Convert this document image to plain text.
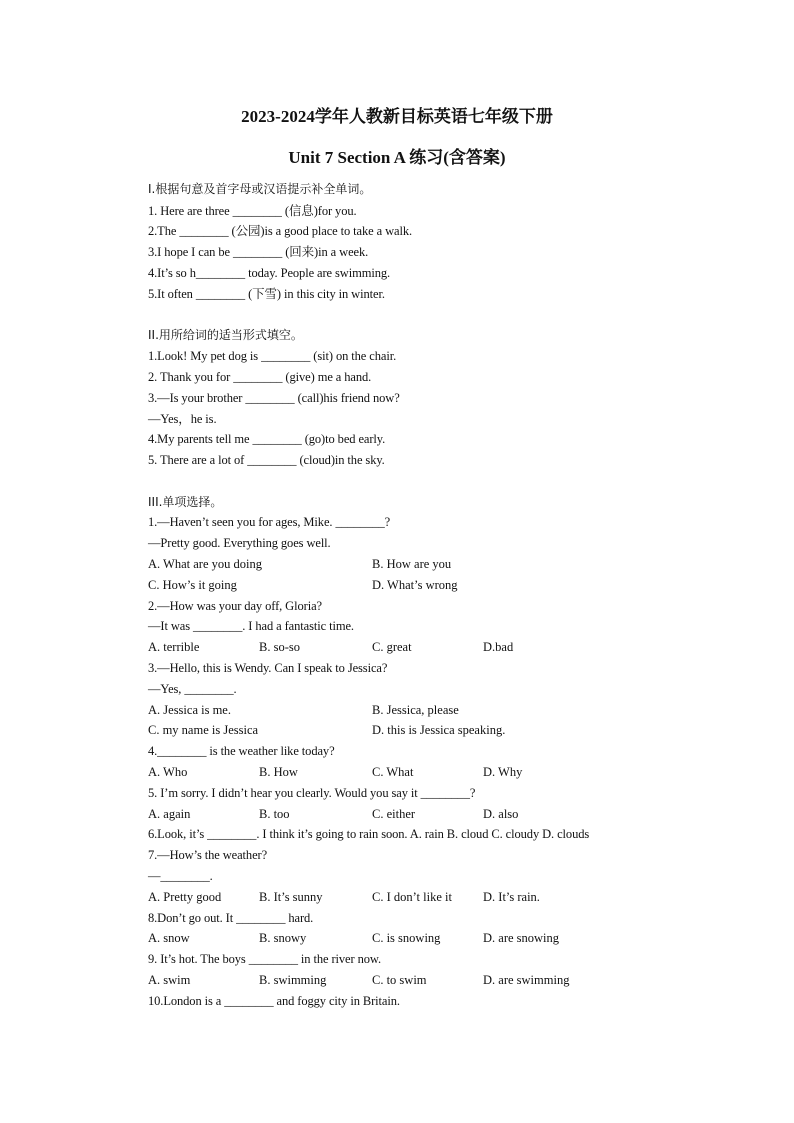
2023-2024学年人教新目标英语七年级下册
Unit 7 Section A 练习(含答案)
I.根据句意及首字母或汉语提示补全单词。
1. Here are three ________ (信息)for you.
2.The ________ (公园)is a good place to take a walk.
3.I hope I can be ________ (回来)in a week.
4.It’s so h________ today. People are swimming.
5.It often ________ (下雪) in this city in winter.
II.用所给词的适当形式填空。
1.Look! My pet dog is ________ (sit) on the chair.
2. Thank you for ________ (give) me a hand.
3.—Is your brother ________ (call)his friend now?
—Yes，he is.
4.My parents tell me ________ (go)to bed early.
5. There are a lot of ________ (cloud)in the sky.
III.单项选择。
1.—Haven’t seen you for ages, Mike. ________?
—Pretty good. Everything goes well.
A. What are you doing	B. How are you
C. How’s it going	D. What’s wrong
2.—How was your day off, Gloria?
—It was ________. I had a fantastic time.
A. terrible	B. so-so	C. great	D.bad
3.—Hello, this is Wendy. Can I speak to Jessica?
—Yes, ________.
A. Jessica is me.	B. Jessica, please
C. my name is Jessica	D. this is Jessica speaking.
4.________ is the weather like today?
A. Who	B. How	C. What	D. Why
5. I’m sorry. I didn’t hear you clearly. Would you say it ________?
A. again	B. too	C. either	D. also
6.Look, it’s ________. I think it’s going to rain soon. A. rain B. cloud C. cloudy D. clouds
7.—How’s the weather?
—________.
A. Pretty good	B. It’s sunny	C. I don’t like it D. It’s rain.
8.Don’t go out. It ________ hard.
A. snow	B. snowy	C. is snowing	D. are snowing
9. It’s hot. The boys ________ in the river now.
A. swim	B. swimming	C. to swim	D. are swimming
10.London is a ________ and foggy city in Britain.
